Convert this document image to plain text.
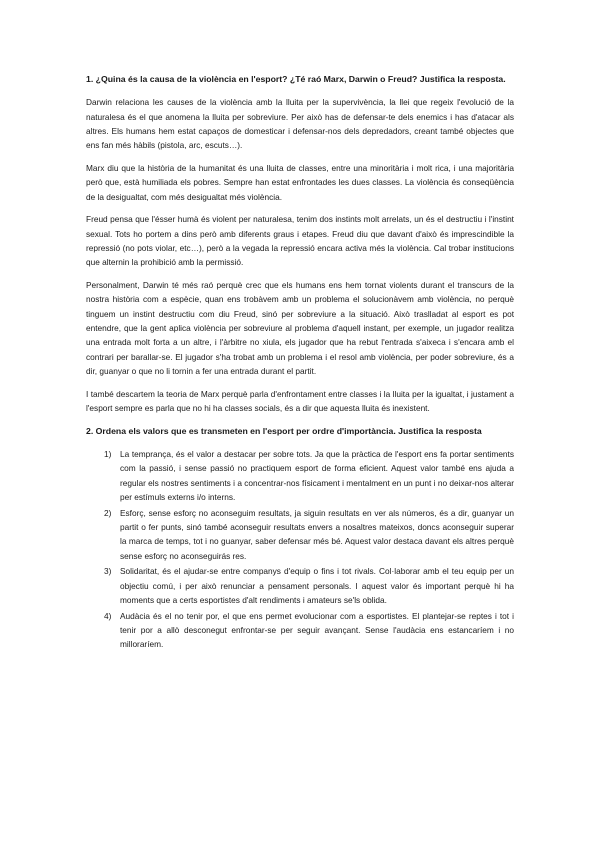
1. ¿Quina és la causa de la violència en l'esport? ¿Té raó Marx, Darwin o Freud? Justifica la resposta.

Darwin relaciona les causes de la violència amb la lluita per la supervivència, la llei que regeix l'evolució de la naturalesa és el que anomena la lluita per sobreviure. Per això has de defensar-te dels enemics i has d'atacar als altres. Els humans hem estat capaços de domesticar i defensar-nos dels depredadors, creant també objectes que ens fan més hàbils (pistola, arc, escuts…).

Marx diu que la història de la humanitat és una lluita de classes, entre una minoritària i molt rica, i una majoritària però que, està humiliada els pobres. Sempre han estat enfrontades les dues classes. La violència és conseqüència de la desigualtat, com més desigualtat més violència.

Freud pensa que l'ésser humà és violent per naturalesa, tenim dos instints molt arrelats, un és el destructiu i l'instint sexual. Tots ho portem a dins però amb diferents graus i etapes. Freud diu que davant d'això és imprescindible la repressió (no pots violar, etc…), però a la vegada la repressió encara activa més la violència. Cal trobar institucions que alternin la prohibició amb la permissió.

Personalment, Darwin té més raó perquè crec que els humans ens hem tornat violents durant el transcurs de la nostra història com a espècie, quan ens trobàvem amb un problema el solucionàvem amb violència, no perquè tinguem un instint destructiu com diu Freud, sinó per sobreviure a la situació. Això traslladat al esport es pot entendre, que la gent aplica violència per sobreviure al problema d'aquell instant, per exemple, un jugador realitza una entrada molt forta a un altre, i l'àrbitre no xiula, els jugador que ha rebut l'entrada s'aixeca i s'encara amb el contrari per barallar-se. El jugador s'ha trobat amb un problema i el resol amb violència, per poder sobreviure, és a dir, guanyar o que no li tornin a fer una entrada durant el partit.

I també descartem la teoria de Marx perquè parla d'enfrontament entre classes i la lluita per la igualtat, i justament a l'esport sempre es parla que no hi ha classes socials, és a dir que aquesta lluita és inexistent.

2. Ordena els valors que es transmeten en l'esport per ordre d'importància. Justifica la resposta
1) La temprança, és el valor a destacar per sobre tots. Ja que la pràctica de l'esport ens fa portar sentiments com la passió, i sense passió no practiquem esport de forma eficient. Aquest valor també ens ajuda a regular els nostres sentiments i a concentrar-nos físicament i mentalment en un punt i no deixar-nos alterar per estímuls externs i/o interns.
2) Esforç, sense esforç no aconseguim resultats, ja siguin resultats en ver als números, és a dir, guanyar un partit o fer punts, sinó també aconseguir resultats envers a nosaltres mateixos, doncs aconseguir superar la marca de temps, tot i no guanyar, saber defensar més bé. Aquest valor destaca davant els altres perquè sense esforç no aconseguirás res.
3) Solidaritat, és el ajudar-se entre companys d'equip o fins i tot rivals. Col·laborar amb el teu equip per un objectiu comú, i per això renunciar a pensament personals. I aquest valor és important perquè hi ha moments que a certs esportistes d'alt rendiments i amateurs se'ls oblida.
4) Audàcia és el no tenir por, el que ens permet evolucionar com a esportistes. El plantejar-se reptes i tot i tenir por a allò desconegut enfrontar-se per seguir avançant. Sense l'audàcia ens estancaríem i no milloraríem.
